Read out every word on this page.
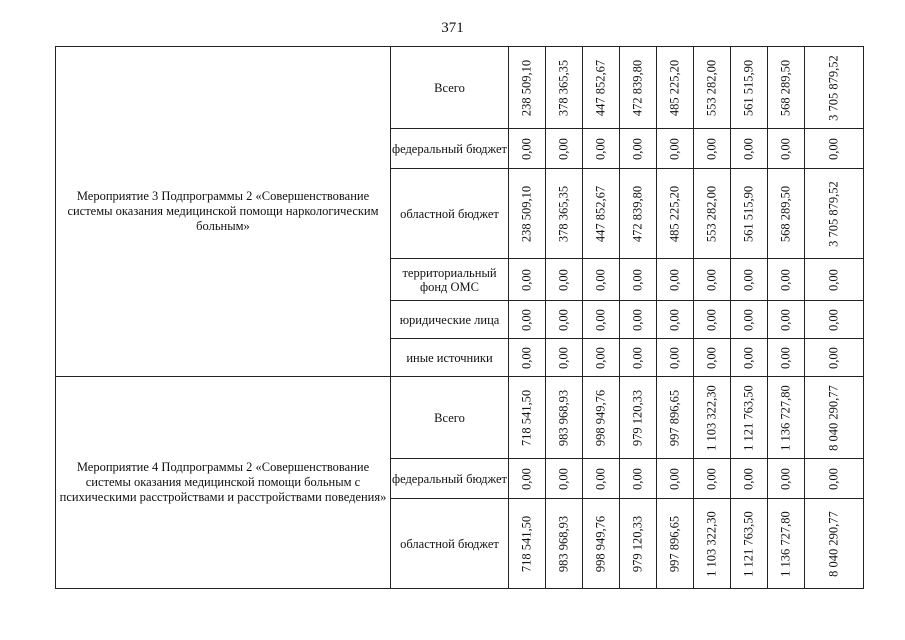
371
Мероприятие 3 Подпрограммы 2 «Совершенствование системы оказания медицинской помощи наркологическим больным»	Всего	238 509,10	378 365,35	447 852,67	472 839,80	485 225,20	553 282,00	561 515,90	568 289,50	3 705 879,52

	федеральный бюджет	0,00	0,00	0,00	0,00	0,00	0,00	0,00	0,00	0,00

	областной бюджет	238 509,10	378 365,35	447 852,67	472 839,80	485 225,20	553 282,00	561 515,90	568 289,50	3 705 879,52

	территориальный фонд ОМС	0,00	0,00	0,00	0,00	0,00	0,00	0,00	0,00	0,00

	юридические лица	0,00	0,00	0,00	0,00	0,00	0,00	0,00	0,00	0,00

	иные источники	0,00	0,00	0,00	0,00	0,00	0,00	0,00	0,00	0,00

Мероприятие 4 Подпрограммы 2 «Совершенствование системы оказания медицинской помощи больным с психическими расстройствами и расстройствами поведения»	Всего	718 541,50	983 968,93	998 949,76	979 120,33	997 896,65	1 103 322,30	1 121 763,50	1 136 727,80	8 040 290,77

	федеральный бюджет	0,00	0,00	0,00	0,00	0,00	0,00	0,00	0,00	0,00

	областной бюджет	718 541,50	983 968,93	998 949,76	979 120,33	997 896,65	1 103 322,30	1 121 763,50	1 136 727,80	8 040 290,77
